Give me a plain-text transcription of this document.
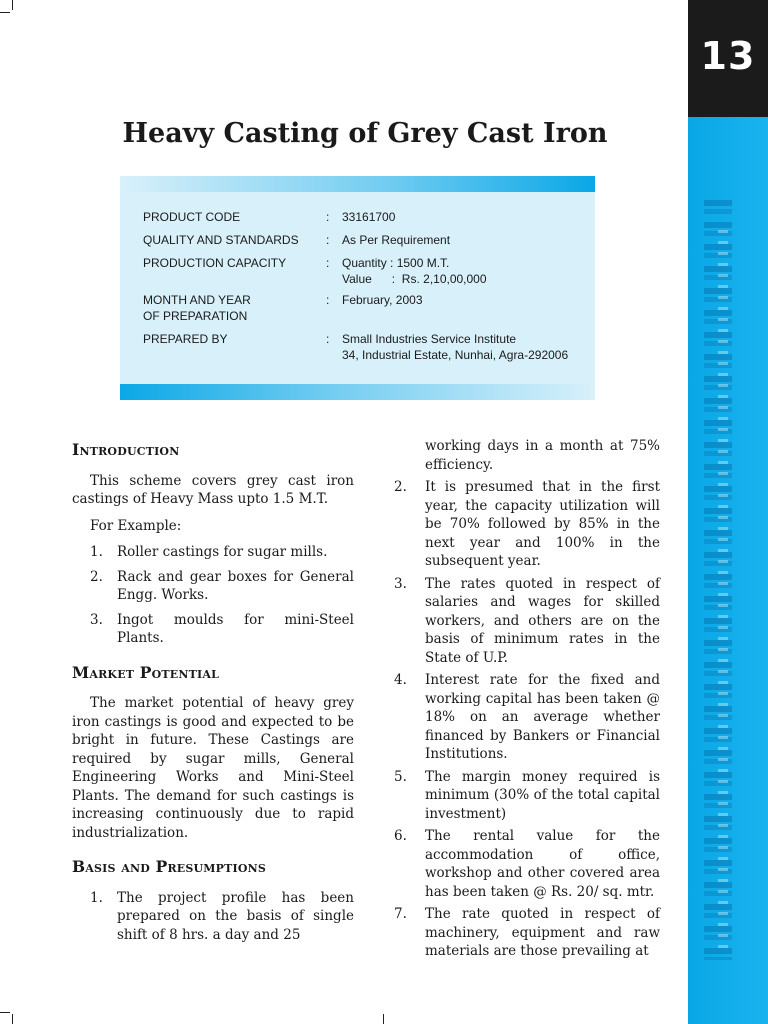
13
Heavy Casting of Grey Cast Iron
PRODUCT CODE	: 33161700
QUALITY AND STANDARDS	: As Per Requirement
PRODUCTION CAPACITY	: Quantity : 1500 M.T.
Value      :  Rs. 2,10,00,000
MONTH AND YEAR
OF PREPARATION
: February, 2003
PREPARED BY	: Small Industries Service Institute
34, Industrial Estate, Nunhai, Agra-292006
Introduction

This scheme covers grey cast iron castings of Heavy Mass upto 1.5 M.T.

For Example:

1. Roller castings for sugar mills.
2. Rack and gear boxes for General Engg. Works.
3. Ingot moulds for mini-Steel Plants.
Market Potential

The market potential of heavy grey iron castings is good and expected to be bright in future. These Castings are required by sugar mills, General Engineering Works and Mini-Steel Plants. The demand for such castings is increasing continuously due to rapid industrialization.

Basis and Presumptions
1. The project profile has been prepared on the basis of single shift of 8 hrs. a day and 25
working days in a month at 75% efficiency.
2. It is presumed that in the first year, the capacity utilization will be 70% followed by 85% in the next year and 100% in the subsequent year.
3. The rates quoted in respect of salaries and wages for skilled workers, and others are on the basis of minimum rates in the State of U.P.
4. Interest rate for the fixed and working capital has been taken @ 18% on an average whether financed by Bankers or Financial Institutions.
5. The margin money required is minimum (30% of the total capital investment)
6. The rental value for the accommodation of office, workshop and other covered area has been taken @ Rs. 20/ sq. mtr.
7. The rate quoted in respect of machinery, equipment and raw materials are those prevailing at
